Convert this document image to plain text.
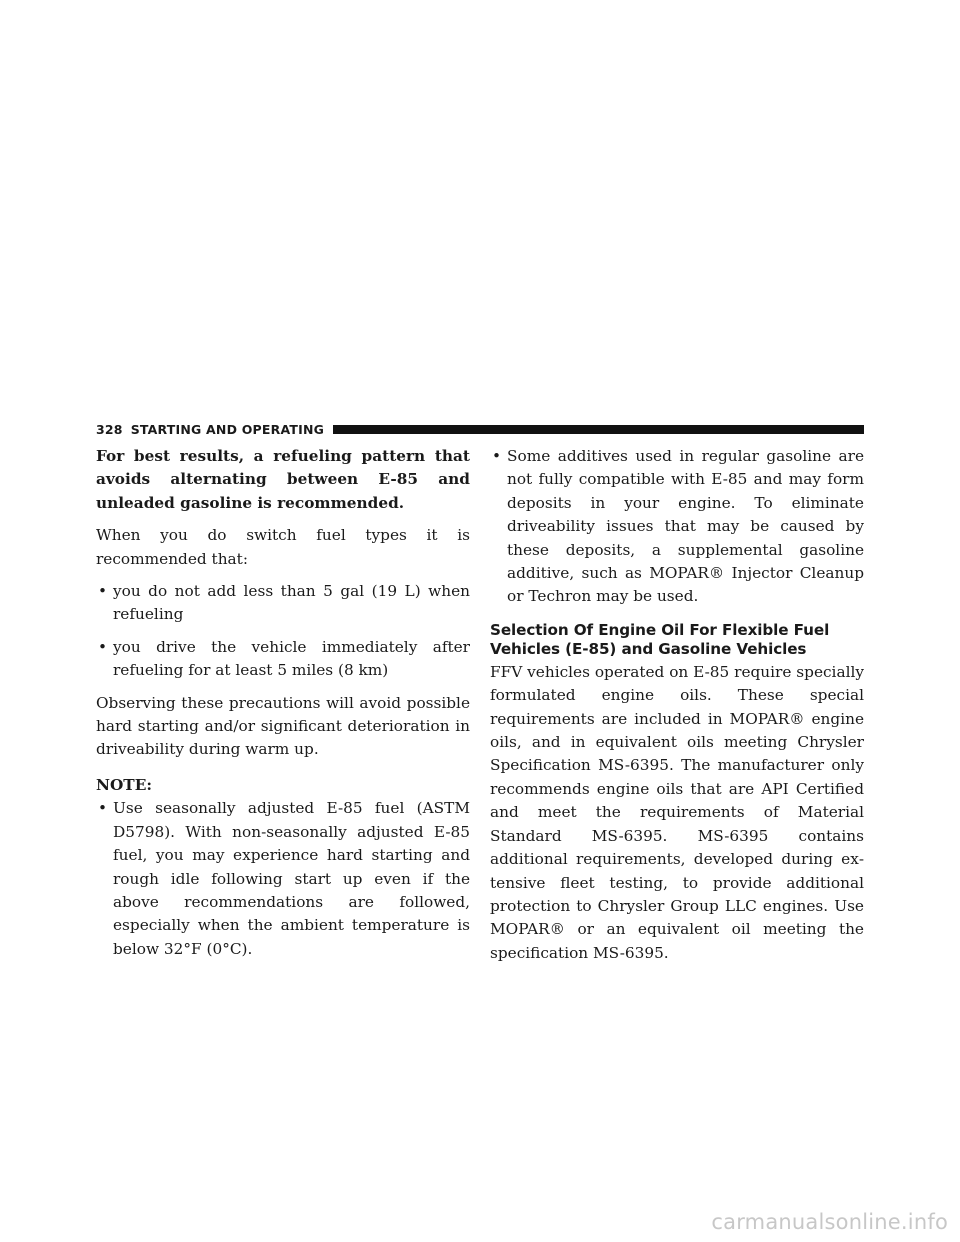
328 STARTING AND OPERATING

For best results, a refueling pattern that avoids alternating between E-85 and unleaded gasoline is recommended.

When you do switch fuel types it is recommended that:

• you do not add less than 5 gal (19 L) when refueling
• you drive the vehicle immediately after refueling for at least 5 miles (8 km)

Observing these precautions will avoid possible hard starting and/or significant deterioration in driveability during warm up.

NOTE:

• Use seasonally adjusted E-85 fuel (ASTM D5798). With non-seasonally adjusted E-85 fuel, you may experience hard starting and rough idle following start up even if the above recommendations are followed, especially when the ambient temperature is below 32°F (0°C).
• Some additives used in regular gasoline are not fully compatible with E-85 and may form deposits in your engine. To eliminate driveability issues that may be caused by these deposits, a supplemental gasoline additive, such as MOPAR® Injector Cleanup or Techron may be used.
Selection Of Engine Oil For Flexible Fuel Vehicles (E-85) and Gasoline Vehicles

FFV vehicles operated on E-85 require specially formulated engine oils. These special requirements are included in MOPAR® engine oils, and in equivalent oils meeting Chrysler Specification MS-6395. The manufacturer only recommends engine oils that are API Certified and meet the requirements of Material Standard MS-6395. MS-6395 contains additional requirements, developed during extensive fleet testing, to provide additional protection to Chrysler Group LLC engines. Use MOPAR® or an equivalent oil meeting the specification MS-6395.

carmanualsonline.info
